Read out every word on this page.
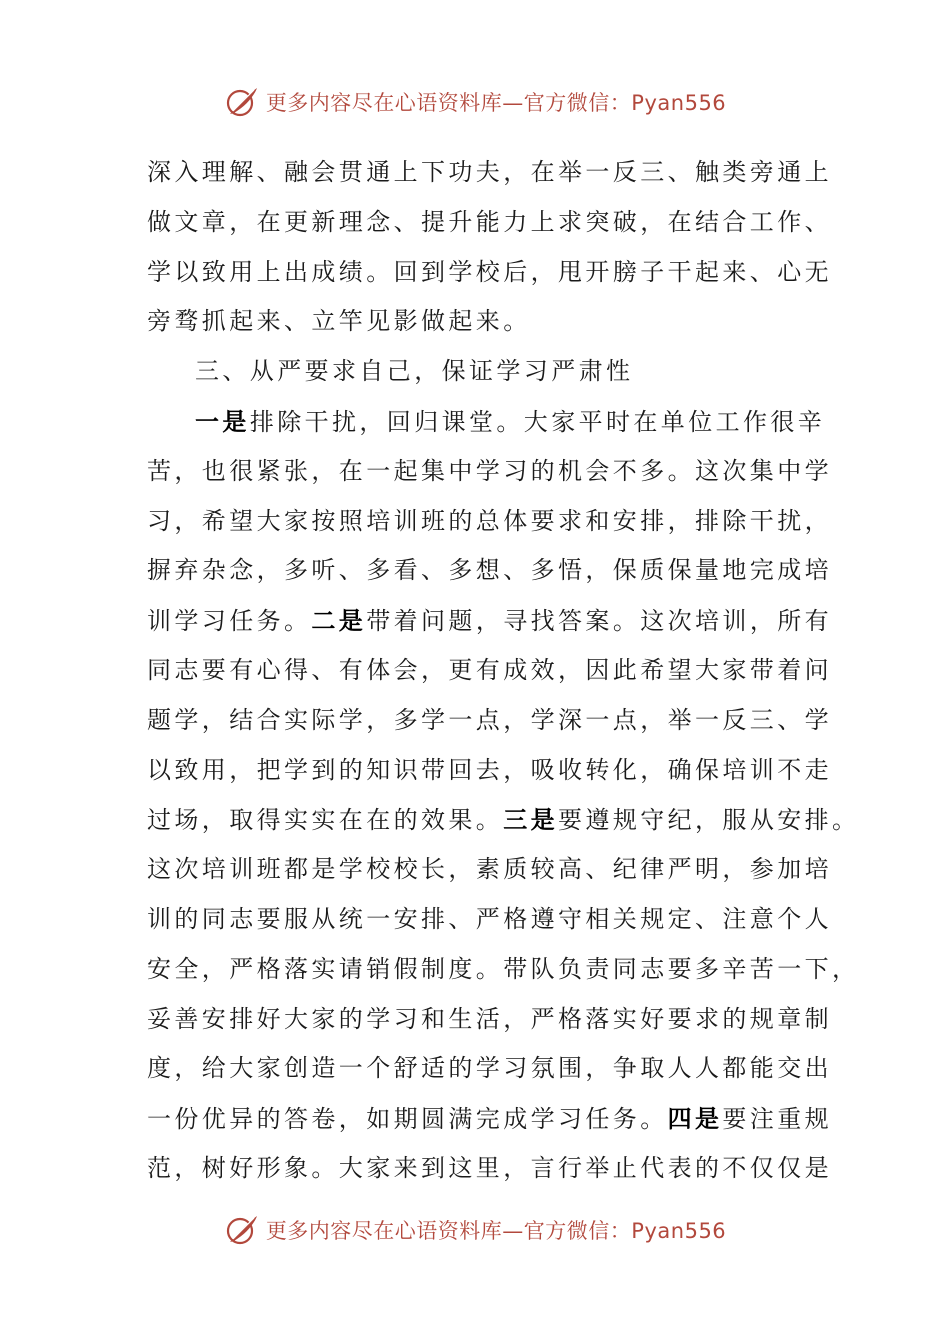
更多内容尽在心语资料库—官方微信：Pyan556
深入理解、融会贯通上下功夫，在举一反三、触类旁通上
做文章，在更新理念、提升能力上求突破，在结合工作、
学以致用上出成绩。回到学校后，甩开膀子干起来、心无
旁骛抓起来、立竿见影做起来。
三、从严要求自己，保证学习严肃性
一是排除干扰，回归课堂。大家平时在单位工作很辛
苦，也很紧张，在一起集中学习的机会不多。这次集中学
习，希望大家按照培训班的总体要求和安排，排除干扰，
摒弃杂念，多听、多看、多想、多悟，保质保量地完成培
训学习任务。二是带着问题，寻找答案。这次培训，所有
同志要有心得、有体会，更有成效，因此希望大家带着问
题学，结合实际学，多学一点，学深一点，举一反三、学
以致用，把学到的知识带回去，吸收转化，确保培训不走
过场，取得实实在在的效果。三是要遵规守纪，服从安排。
这次培训班都是学校校长，素质较高、纪律严明，参加培
训的同志要服从统一安排、严格遵守相关规定、注意个人
安全，严格落实请销假制度。带队负责同志要多辛苦一下，
妥善安排好大家的学习和生活，严格落实好要求的规章制
度，给大家创造一个舒适的学习氛围，争取人人都能交出
一份优异的答卷，如期圆满完成学习任务。四是要注重规
范，树好形象。大家来到这里，言行举止代表的不仅仅是
更多内容尽在心语资料库—官方微信：Pyan556
